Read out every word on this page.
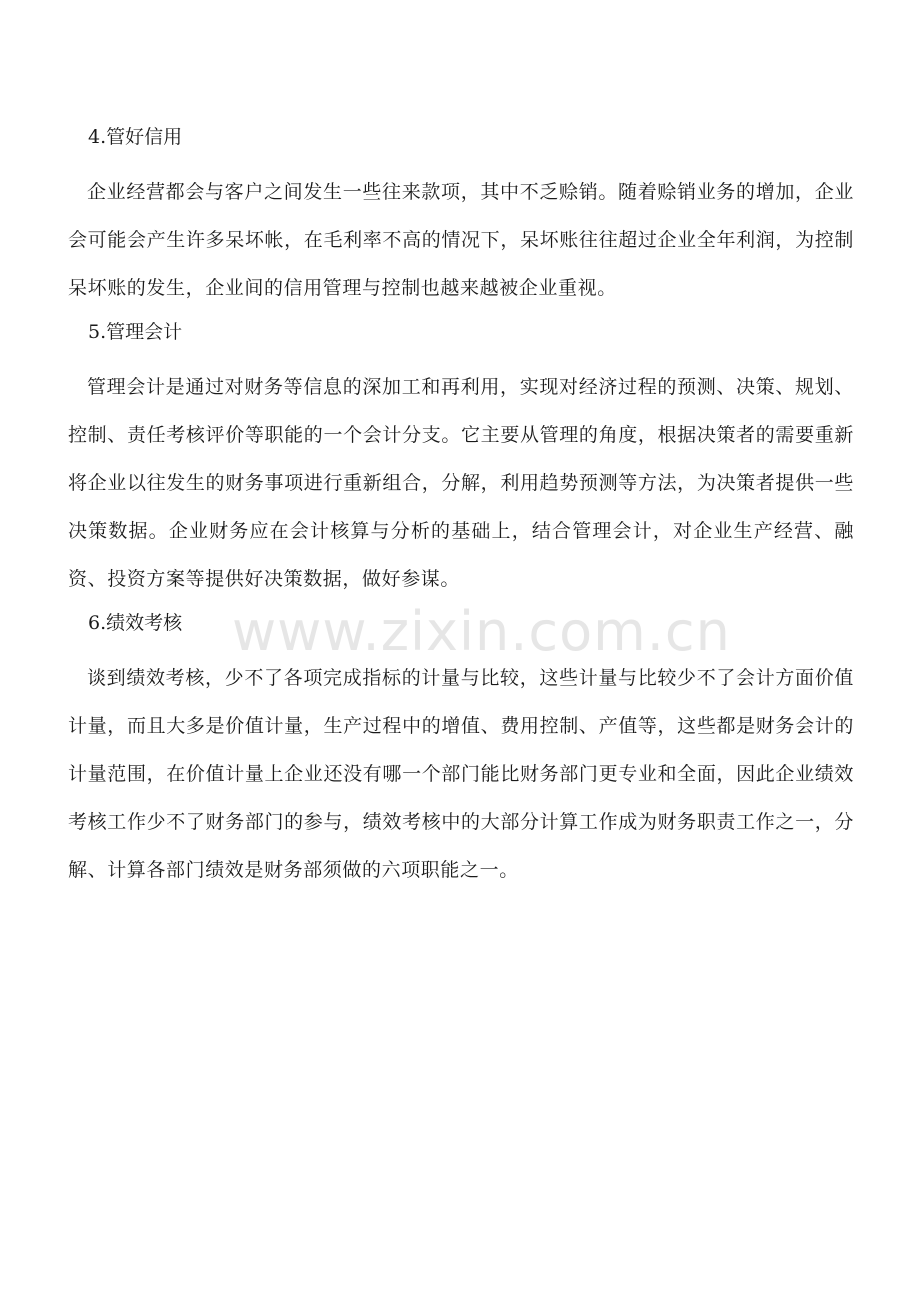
www.zixin.com.cn

4.管好信用

企业经营都会与客户之间发生一些往来款项，其中不乏赊销。随着赊销业务的增加，企业会可能会产生许多呆坏帐，在毛利率不高的情况下，呆坏账往往超过企业全年利润，为控制呆坏账的发生，企业间的信用管理与控制也越来越被企业重视。

5.管理会计

管理会计是通过对财务等信息的深加工和再利用，实现对经济过程的预测、决策、规划、控制、责任考核评价等职能的一个会计分支。它主要从管理的角度，根据决策者的需要重新将企业以往发生的财务事项进行重新组合，分解，利用趋势预测等方法，为决策者提供一些决策数据。企业财务应在会计核算与分析的基础上，结合管理会计，对企业生产经营、融资、投资方案等提供好决策数据，做好参谋。

6.绩效考核

谈到绩效考核，少不了各项完成指标的计量与比较，这些计量与比较少不了会计方面价值计量，而且大多是价值计量，生产过程中的增值、费用控制、产值等，这些都是财务会计的计量范围，在价值计量上企业还没有哪一个部门能比财务部门更专业和全面，因此企业绩效考核工作少不了财务部门的参与，绩效考核中的大部分计算工作成为财务职责工作之一，分解、计算各部门绩效是财务部须做的六项职能之一。
